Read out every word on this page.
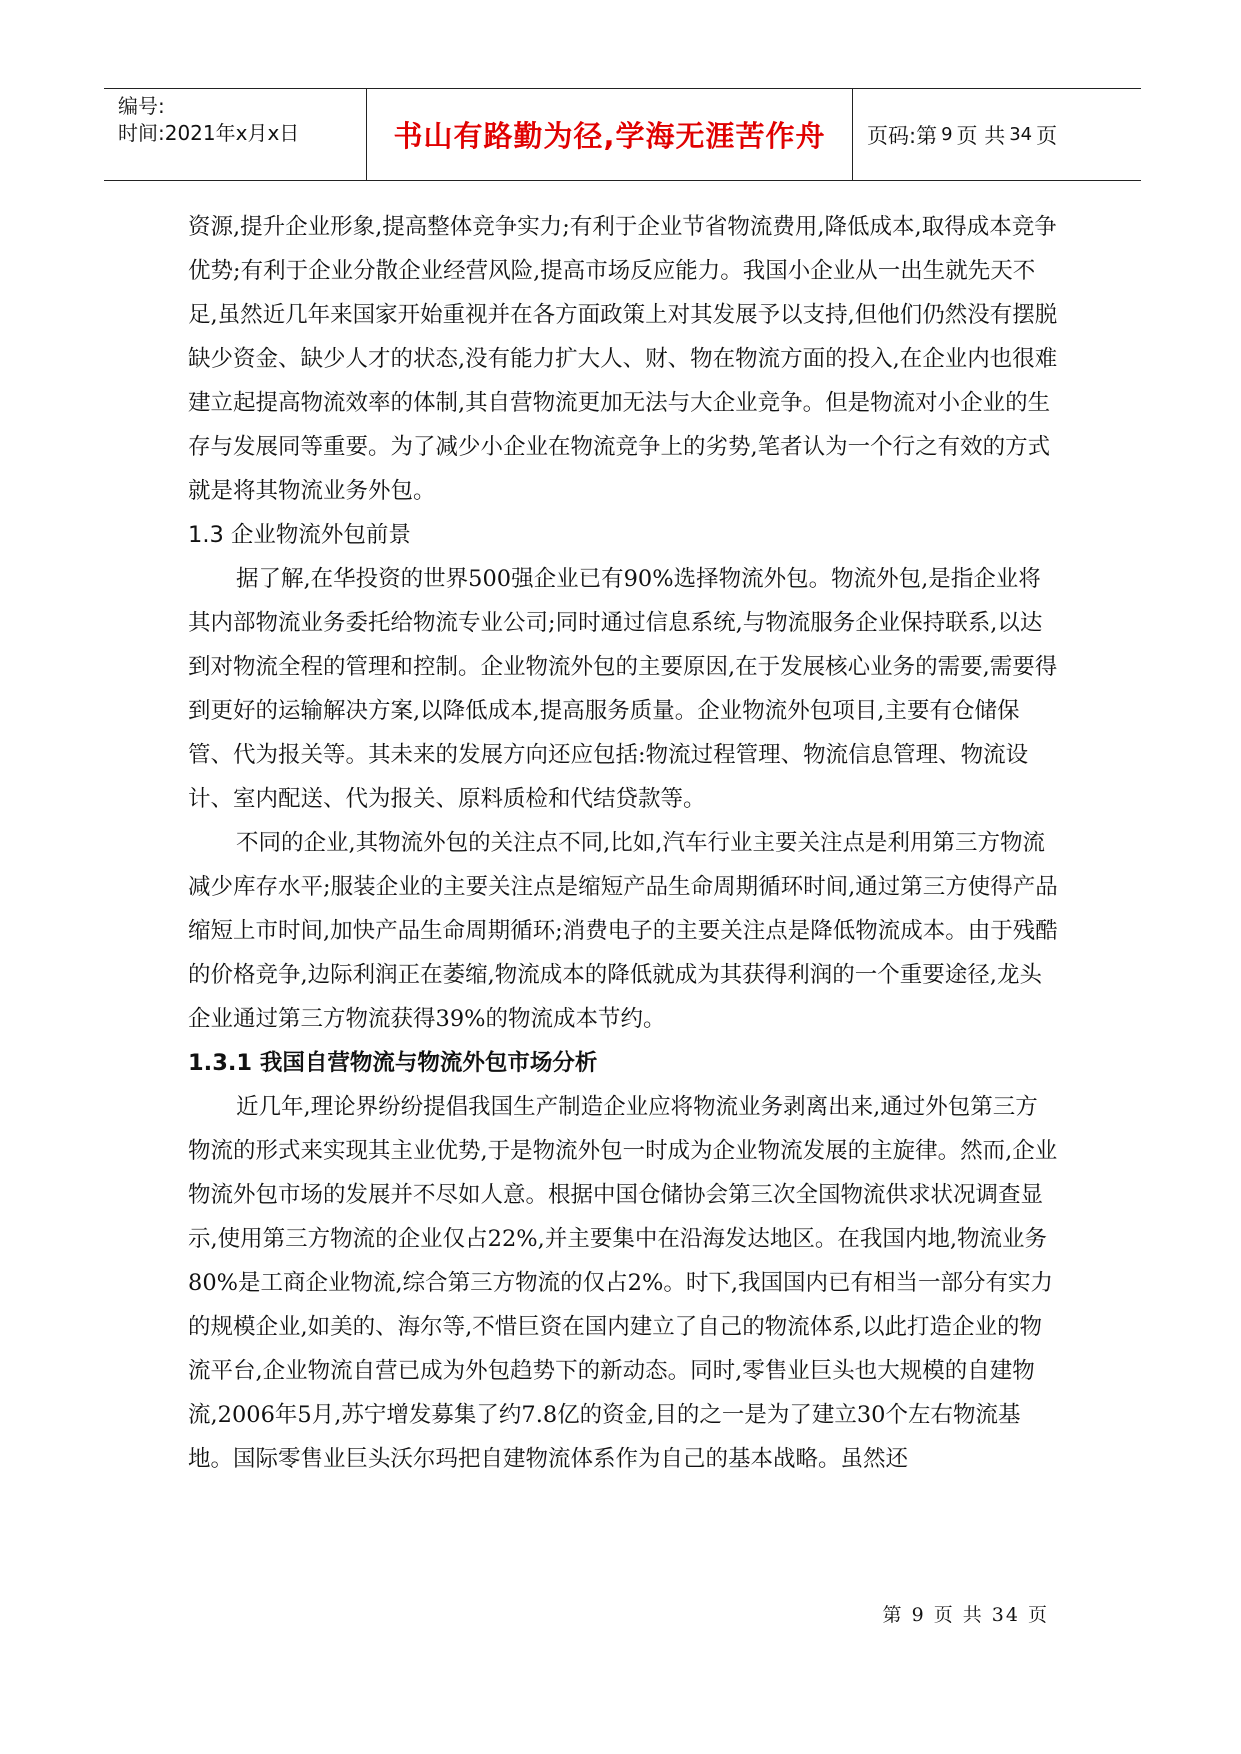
编号:
时间:2021年x月x日	书山有路勤为径,学海无涯苦作舟	页码:第 9 页 共 34 页

资源,提升企业形象,提高整体竞争实力;有利于企业节省物流费用,降低成本,取得成本竞争优势;有利于企业分散企业经营风险,提高市场反应能力。我国小企业从一出生就先天不足,虽然近几年来国家开始重视并在各方面政策上对其发展予以支持,但他们仍然没有摆脱缺少资金、缺少人才的状态,没有能力扩大人、财、物在物流方面的投入,在企业内也很难建立起提高物流效率的体制,其自营物流更加无法与大企业竞争。但是物流对小企业的生存与发展同等重要。为了减少小企业在物流竞争上的劣势,笔者认为一个行之有效的方式就是将其物流业务外包。

1.3 企业物流外包前景

据了解,在华投资的世界500强企业已有90%选择物流外包。物流外包,是指企业将其内部物流业务委托给物流专业公司;同时通过信息系统,与物流服务企业保持联系,以达到对物流全程的管理和控制。企业物流外包的主要原因,在于发展核心业务的需要,需要得到更好的运输解决方案,以降低成本,提高服务质量。企业物流外包项目,主要有仓储保管、代为报关等。其未来的发展方向还应包括:物流过程管理、物流信息管理、物流设计、室内配送、代为报关、原料质检和代结贷款等。

不同的企业,其物流外包的关注点不同,比如,汽车行业主要关注点是利用第三方物流减少库存水平;服装企业的主要关注点是缩短产品生命周期循环时间,通过第三方使得产品缩短上市时间,加快产品生命周期循环;消费电子的主要关注点是降低物流成本。由于残酷的价格竞争,边际利润正在萎缩,物流成本的降低就成为其获得利润的一个重要途径,龙头企业通过第三方物流获得39%的物流成本节约。

1.3.1 我国自营物流与物流外包市场分析

近几年,理论界纷纷提倡我国生产制造企业应将物流业务剥离出来,通过外包第三方物流的形式来实现其主业优势,于是物流外包一时成为企业物流发展的主旋律。然而,企业物流外包市场的发展并不尽如人意。根据中国仓储协会第三次全国物流供求状况调查显示,使用第三方物流的企业仅占22%,并主要集中在沿海发达地区。在我国内地,物流业务80%是工商企业物流,综合第三方物流的仅占2%。时下,我国国内已有相当一部分有实力的规模企业,如美的、海尔等,不惜巨资在国内建立了自己的物流体系,以此打造企业的物流平台,企业物流自营已成为外包趋势下的新动态。同时,零售业巨头也大规模的自建物流,2006年5月,苏宁增发募集了约7.8亿的资金,目的之一是为了建立30个左右物流基地。国际零售业巨头沃尔玛把自建物流体系作为自己的基本战略。虽然还

第 9 页 共 34 页
